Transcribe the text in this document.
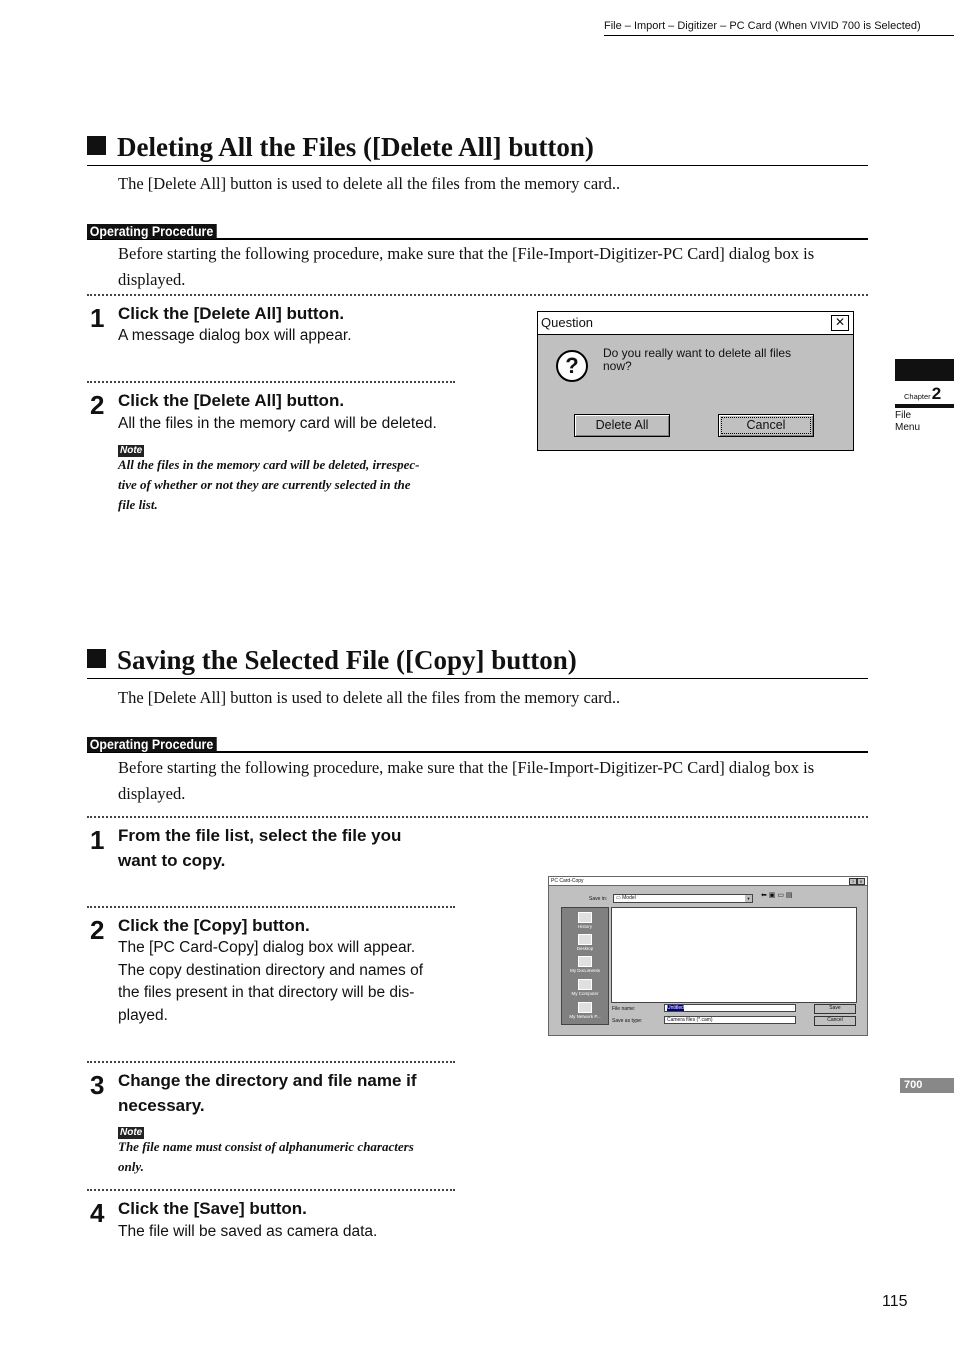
File – Import – Digitizer – PC Card (When VIVID 700 is Selected)
Deleting All the Files ([Delete All] button)
The [Delete All] button is used to delete all the files from the memory card..
Operating Procedure
Before starting the following procedure, make sure that the [File-Import-Digitizer-PC Card] dialog box is
displayed.
1 Click the [Delete All] button.
A message dialog box will appear.
2 Click the [Delete All] button.
All the files in the memory card will be deleted.
Note
All the files in the memory card will be deleted, irrespec-
tive of whether or not they are currently selected in the
file list.
Question	✕
?	Do you really want to delete all files
now?
Delete All	Cancel
Saving the Selected File ([Copy] button)
The [Delete All] button is used to delete all the files from the memory card..
Operating Procedure
Before starting the following procedure, make sure that the [File-Import-Digitizer-PC Card] dialog box is
displayed.
1 From the file list, select the file you
want to copy.
2 Click the [Copy] button.
The [PC Card-Copy] dialog box will appear.
The copy destination directory and names of
the files present in that directory will be dis-
played.
3 Change the directory and file name if
necessary.
Note
The file name must consist of alphanumeric characters
only.
4 Click the [Save] button.
The file will be saved as camera data.
PC Card-Copy	?	✕
Save in:	▭ Model	▼ ⬅ ▣ ▭ ▤
History
Desktop
My Documents
My Computer
My Network P...
File name:	Untitled
Save as type:	Camera files (*.cam)
Save
Cancel
Chapter2
File
Menu
700
115
